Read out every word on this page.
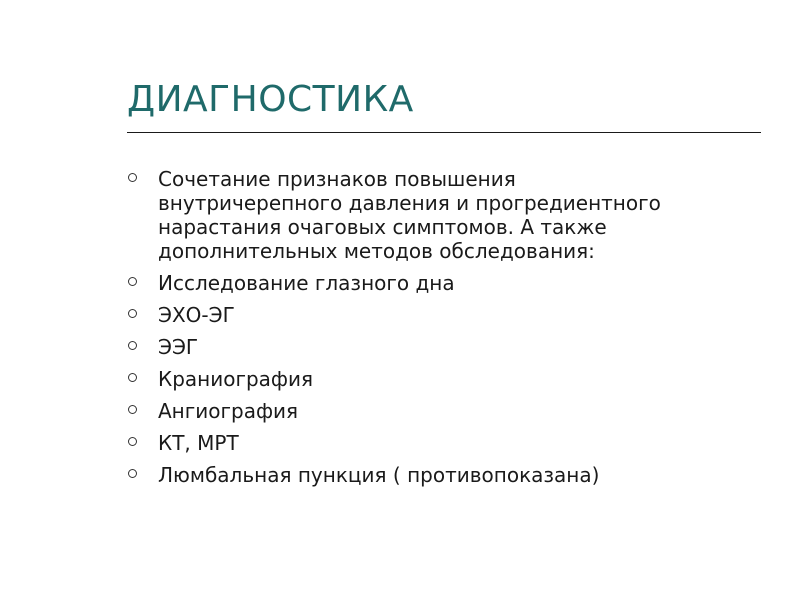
ДИАГНОСТИКА
Сочетание признаков повышения
внутричерепного давления и прогредиентного
нарастания очаговых симптомов. А также
дополнительных методов обследования:
Исследование глазного дна
ЭХО-ЭГ
ЭЭГ
Краниография
Ангиография
КТ, МРТ
Люмбальная пункция ( противопоказана)
